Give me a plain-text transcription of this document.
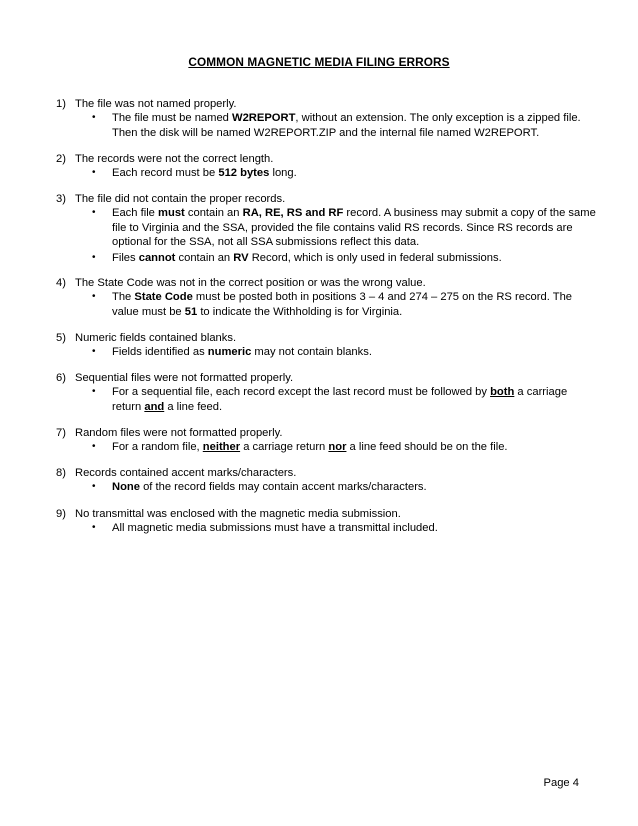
COMMON MAGNETIC MEDIA FILING ERRORS
1) The file was not named properly.
•	The file must be named W2REPORT, without an extension. The only exception is a zipped file. Then the disk will be named W2REPORT.ZIP and the internal file named W2REPORT.
2) The records were not the correct length.
•	Each record must be 512 bytes long.
3) The file did not contain the proper records.
•	Each file must contain an RA, RE, RS and RF record. A business may submit a copy of the same file to Virginia and the SSA, provided the file contains valid RS records. Since RS records are optional for the SSA, not all SSA submissions reflect this data.
•	Files cannot contain an RV Record, which is only used in federal submissions.
4) The State Code was not in the correct position or was the wrong value.
•	The State Code must be posted both in positions 3 – 4 and 274 – 275 on the RS record. The value must be 51 to indicate the Withholding is for Virginia.
5) Numeric fields contained blanks.
•	Fields identified as numeric may not contain blanks.
6) Sequential files were not formatted properly.
•	For a sequential file, each record except the last record must be followed by both a carriage return and a line feed.
7) Random files were not formatted properly.
•	For a random file, neither a carriage return nor a line feed should be on the file.
8) Records contained accent marks/characters.
•	None of the record fields may contain accent marks/characters.
9) No transmittal was enclosed with the magnetic media submission.
•	All magnetic media submissions must have a transmittal included.
Page 4
